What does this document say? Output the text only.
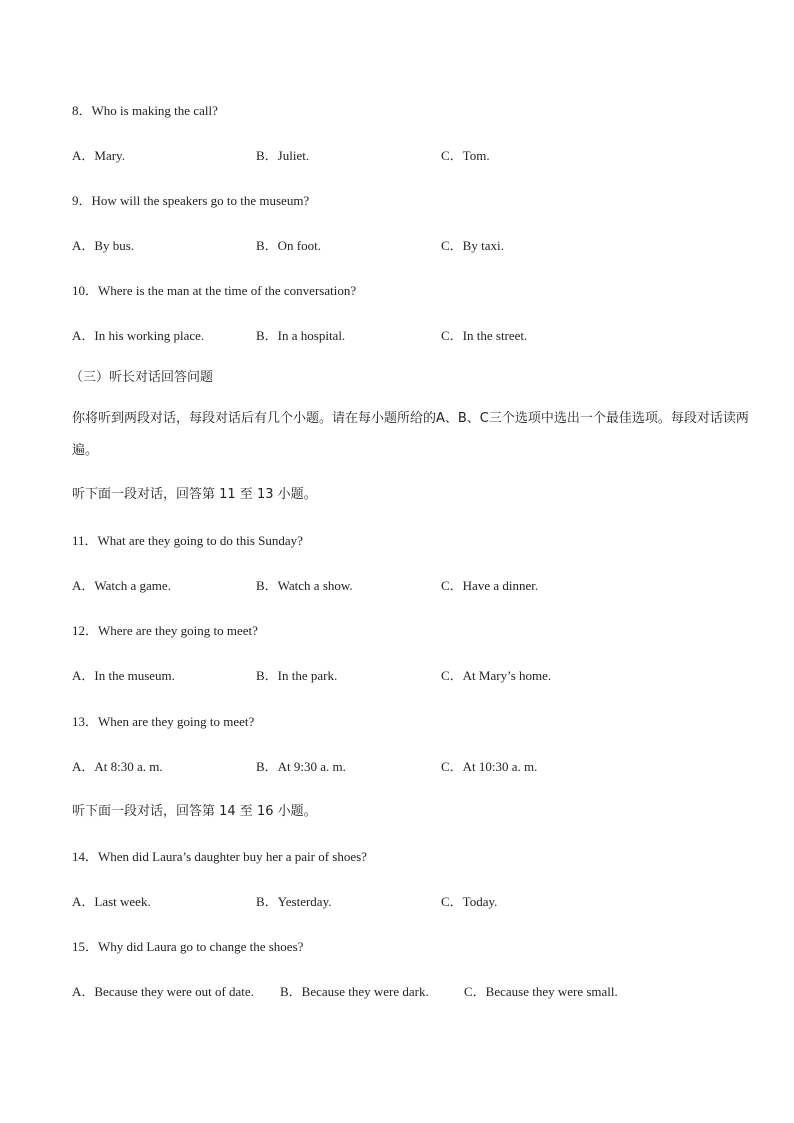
8．Who is making the call?
A．Mary.	B．Juliet.	C．Tom.
9．How will the speakers go to the museum?
A．By bus.	B．On foot.	C．By taxi.
10．Where is the man at the time of the conversation?
A．In his working place.	B．In a hospital.	C．In the street.
（三）听长对话回答问题
你将听到两段对话，每段对话后有几个小题。请在每小题所给的A、B、C三个选项中选出一个最佳选项。每段对话读两遍。
听下面一段对话，回答第 11 至 13 小题。
11．What are they going to do this Sunday?
A．Watch a game.	B．Watch a show.	C．Have a dinner.
12．Where are they going to meet?
A．In the museum.	B．In the park.	C．At Mary’s home.
13．When are they going to meet?
A．At 8:30 a. m.	B．At 9:30 a. m.	C．At 10:30 a. m.
听下面一段对话，回答第 14 至 16 小题。
14．When did Laura’s daughter buy her a pair of shoes?
A．Last week.	B．Yesterday.	C．Today.
15．Why did Laura go to change the shoes?
A．Because they were out of date. B．Because they were dark.	C．Because they were small.
